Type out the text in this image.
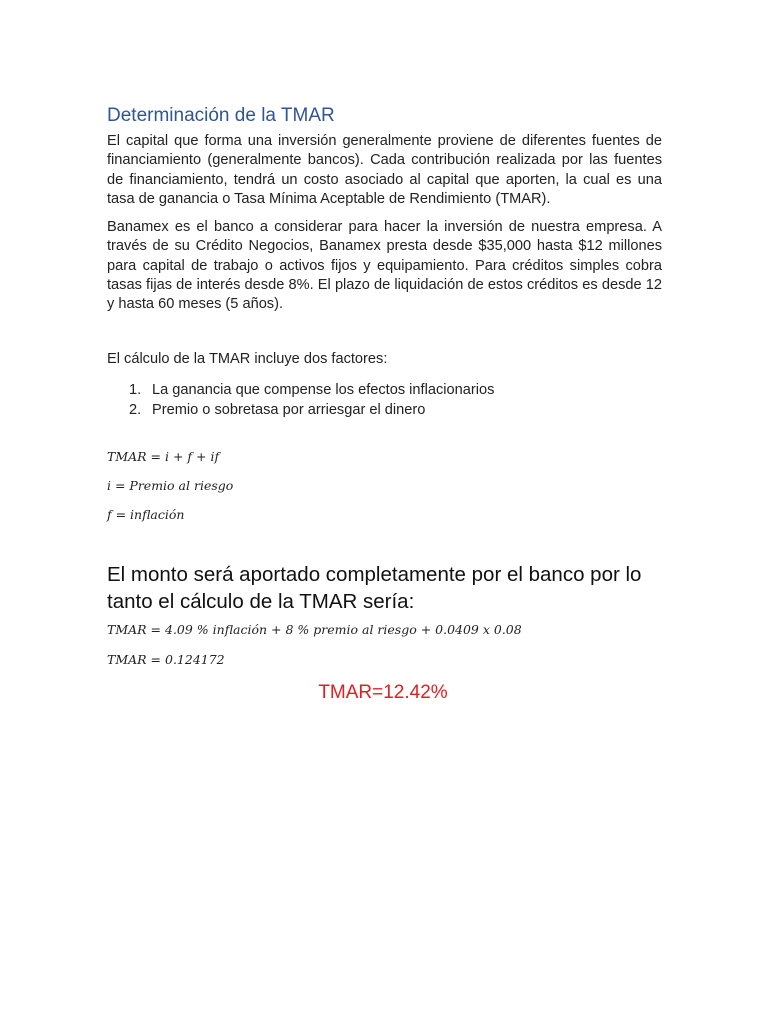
Determinación de la TMAR
El capital que forma una inversión generalmente proviene de diferentes fuentes de financiamiento (generalmente bancos). Cada contribución realizada por las fuentes de financiamiento, tendrá un costo asociado al capital que aporten, la cual es una tasa de ganancia o Tasa Mínima Aceptable de Rendimiento (TMAR).
Banamex es el banco a considerar para hacer la inversión de nuestra empresa. A través de su Crédito Negocios, Banamex presta desde $35,000 hasta $12 millones para capital de trabajo o activos fijos y equipamiento. Para créditos simples cobra tasas fijas de interés desde 8%. El plazo de liquidación de estos créditos es desde 12 y hasta 60 meses (5 años).
El cálculo de la TMAR incluye dos factores:
1. La ganancia que compense los efectos inflacionarios
2. Premio o sobretasa por arriesgar el dinero
TMAR = i + f + if
i = Premio al riesgo
f = inflación
El monto será aportado completamente por el banco por lo tanto el cálculo de la TMAR sería:
TMAR = 4.09 % inflación + 8 % premio al riesgo + 0.0409 x 0.08
TMAR = 0.124172
TMAR=12.42%
